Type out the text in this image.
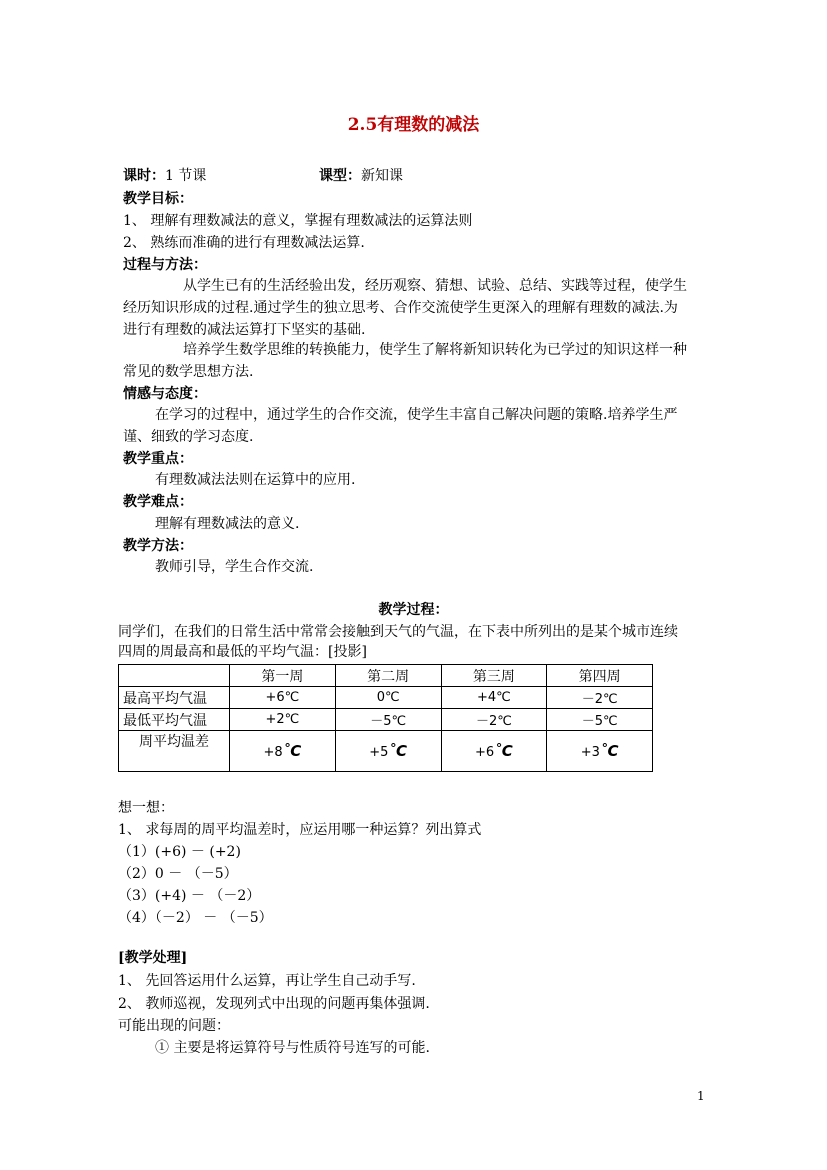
2.5有理数的减法
课时：1 节课	课型：新知课
教学目标：
1、 理解有理数减法的意义，掌握有理数减法的运算法则
2、 熟练而准确的进行有理数减法运算.
过程与方法：
从学生已有的生活经验出发，经历观察、猜想、试验、总结、实践等过程，使学生
经历知识形成的过程.通过学生的独立思考、合作交流使学生更深入的理解有理数的减法.为
进行有理数的减法运算打下坚实的基础.
培养学生数学思维的转换能力，使学生了解将新知识转化为已学过的知识这样一种
常见的数学思想方法.
情感与态度：
在学习的过程中，通过学生的合作交流，使学生丰富自己解决问题的策略.培养学生严
谨、细致的学习态度.
教学重点：
有理数减法法则在运算中的应用.
教学难点：
理解有理数减法的意义.
教学方法：
教师引导，学生合作交流.
教学过程：
同学们，在我们的日常生活中常常会接触到天气的气温，在下表中所列出的是某个城市连续
四周的周最高和最低的平均气温：[投影]
	第一周	第二周	第三周	第四周
最高平均气温	+6℃	0℃	+4℃	－2℃
最低平均气温	+2℃	－5℃	－2℃	－5℃
周平均温差	+8˚C	+5˚C	+6˚C	+3˚C
想一想：
1、 求每周的周平均温差时，应运用哪一种运算？列出算式
（1）(+6) － (+2)
（2）0 － （－5）
（3）(+4) － （－2）
（4）（－2） － （－5）
[教学处理]
1、 先回答运用什么运算，再让学生自己动手写.
2、 教师巡视，发现列式中出现的问题再集体强调.
可能出现的问题：
① 主要是将运算符号与性质符号连写的可能.
1
